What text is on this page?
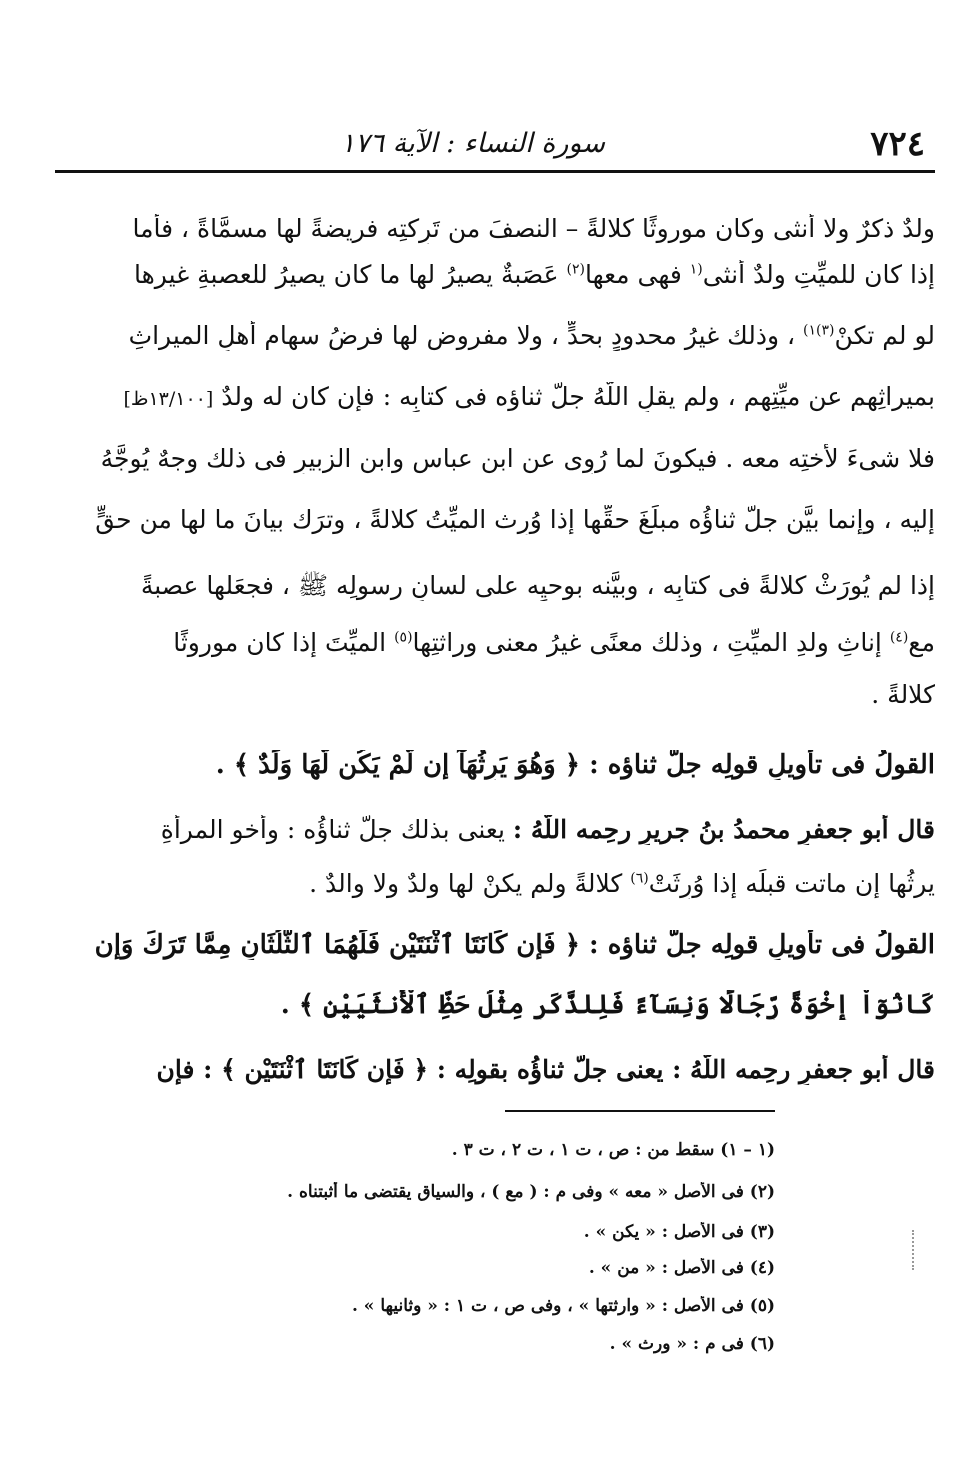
٧٢٤
سورة النساء : الآية ١٧٦
ولدٌ ذكرٌ ولا أنثى وكان موروثًا كلالةً – النصفَ من تَرِكتِه فريضةً لها مسمَّاةً ، فأما
إذا كان للميِّتِ ولدٌ أنثى$^{(١}$ فهى معها$^{(٢)}$ عَصَبةٌ يصيرُ لها ما كان يصيرُ للعصبةِ غيرِها
لو لم تكنْ$^{(٣)١)}$ ، وذلك غيرُ محدودٍ بحدٍّ ، ولا مفروضٍ لها فرضُ سهامِ أهلِ الميراثِ
بميراثِهم عن ميِّتِهم ، ولم يقلِ اللَّهُ جلَّ ثناؤه فى كتابِه : فإن كان له ولدٌ [١٣/١٠٠ظ]
فلا شىءَ لأختِه معه . فيكونَ لما رُوِى عن ابنِ عباسٍ وابنِ الزبيرِ فى ذلك وجهٌ يُوجَّهُ
إليه ، وإنما بيَّن جلَّ ثناؤُه مبلَغَ حقِّها إذا وُرِث الميِّتُ كلالةً ، وترَك بيانَ ما لها من حقٍّ
إذا لم يُورَثْ كلالةً فى كتابِه ، وبيَّنه بوحيِه على لسانِ رسولِه ﷺ ، فجعَلها عصبةً
مع$^{(٤)}$ إناثِ ولدِ الميِّتِ ، وذلك معنًى غيرُ معنى وراثتِها$^{(٥)}$ الميِّتَ إذا كان موروثًا
كلالةً .
القولُ فى تأويلِ قولِه جلَّ ثناؤه : ﴿ وَهُوَ يَرِثُهَآ إِن لَّمْ يَكُن لَّهَا وَلَدٌ ﴾ .
قال أبو جعفرٍ محمدُ بنُ جريرٍ رحِمه اللَّهُ : يعنى بذلك جلَّ ثناؤُه : وأخو المرأةِ
يرثُها إن ماتت قبلَه إذا وُرِثَتْ$^{(٦)}$ كلالةً ولم يكنْ لها ولدٌ ولا والدٌ .
القولُ فى تأويلِ قولِه جلَّ ثناؤه : ﴿ فَإِن كَانَتَا ٱثْنَتَيْنِ فَلَهُمَا ٱلثُّلُثَانِ مِمَّا تَرَكَ وَإِن
كَانُوٓاْ إِخْوَةً رِّجَالًا وَنِسَآءً فَلِلذَّكَرِ مِثْلُ حَظِّ ٱلْأُنثَيَيْنِ ﴾ .
قال أبو جعفرٍ رحِمه اللَّهُ : يعنى جلَّ ثناؤُه بقولِه : ﴿ فَإِن كَانَتَا ٱثْنَتَيْنِ ﴾ : فإن
(١ – ١) سقط من : ص ، ت ١ ، ت ٢ ، ت ٣ .
(٢) فى الأصل « معه » وفى م : ( مع ) ، والسياق يقتضى ما أثبتناه .
(٣) فى الأصل : « يكن » .
(٤) فى الأصل : « من » .
(٥) فى الأصل : « وارثتها » ، وفى ص ، ت ١ : « وثانيها » .
(٦) فى م : « ورث » .
